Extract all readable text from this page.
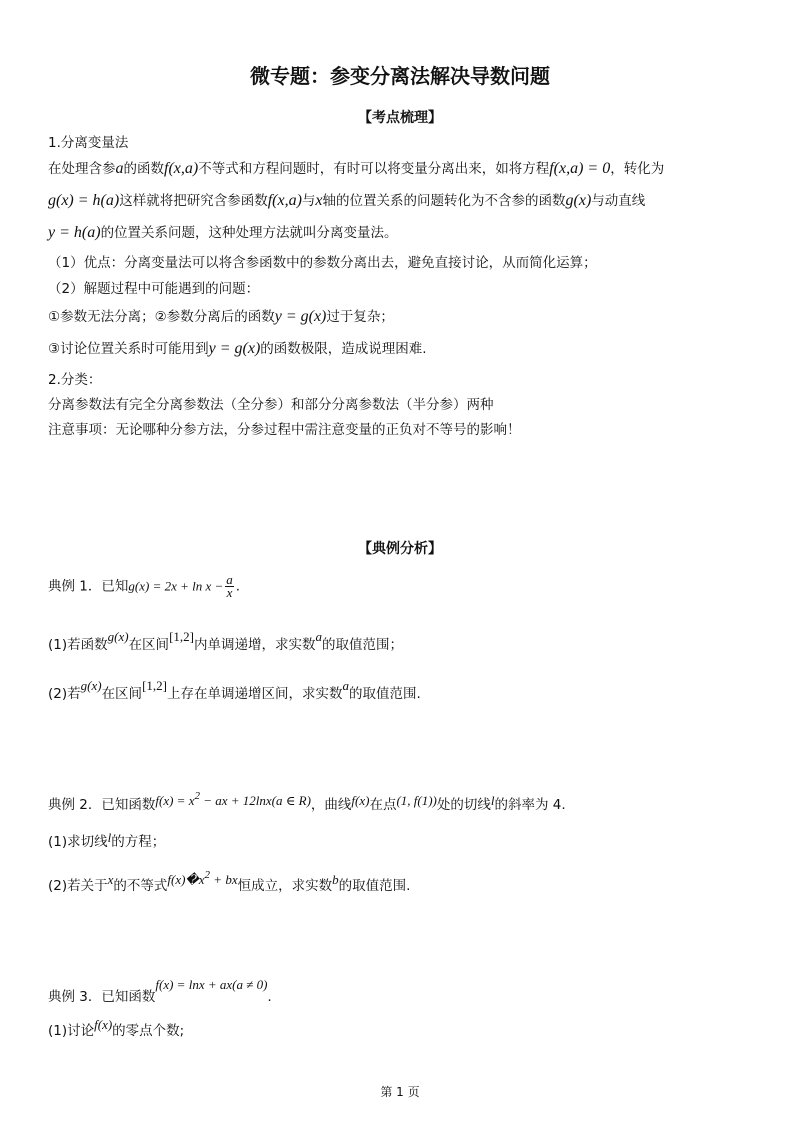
微专题：参变分离法解决导数问题
【考点梳理】
1.分离变量法
在处理含参a的函数f(x,a)不等式和方程问题时，有时可以将变量分离出来，如将方程f(x,a) = 0，转化为
g(x) = h(a)这样就将把研究含参函数f(x,a)与x轴的位置关系的问题转化为不含参的函数g(x)与动直线
y = h(a)的位置关系问题，这种处理方法就叫分离变量法。
（1）优点：分离变量法可以将含参函数中的参数分离出去，避免直接讨论，从而简化运算；
（2）解题过程中可能遇到的问题：
①参数无法分离；②参数分离后的函数y = g(x)过于复杂；
③讨论位置关系时可能用到y = g(x)的函数极限，造成说理困难.
2.分类：
分离参数法有完全分离参数法（全分参）和部分分离参数法（半分参）两种
注意事项：无论哪种分参方法，分参过程中需注意变量的正负对不等号的影响！
【典例分析】
典例 1．已知$g(x) = 2x + \ln x - \frac{a}{x}$ .
(1)若函数g(x)在区间[1,2]内单调递增，求实数a的取值范围；
(2)若g(x)在区间[1,2]上存在单调递增区间，求实数a的取值范围.
典例 2．已知函数$f(x) = x^2$ − ax + 12lnx(a ∈ R)，曲线f(x)在点(1, f(1))处的切线l的斜率为 4.
(1)求切线l的方程；
(2)若关于x的不等式$f(x)�x^2$ + bx恒成立，求实数b的取值范围.
典例 3．已知函数f(x) = lnx + ax(a ≠ 0).
(1)讨论f(x)的零点个数;
第 1 页
